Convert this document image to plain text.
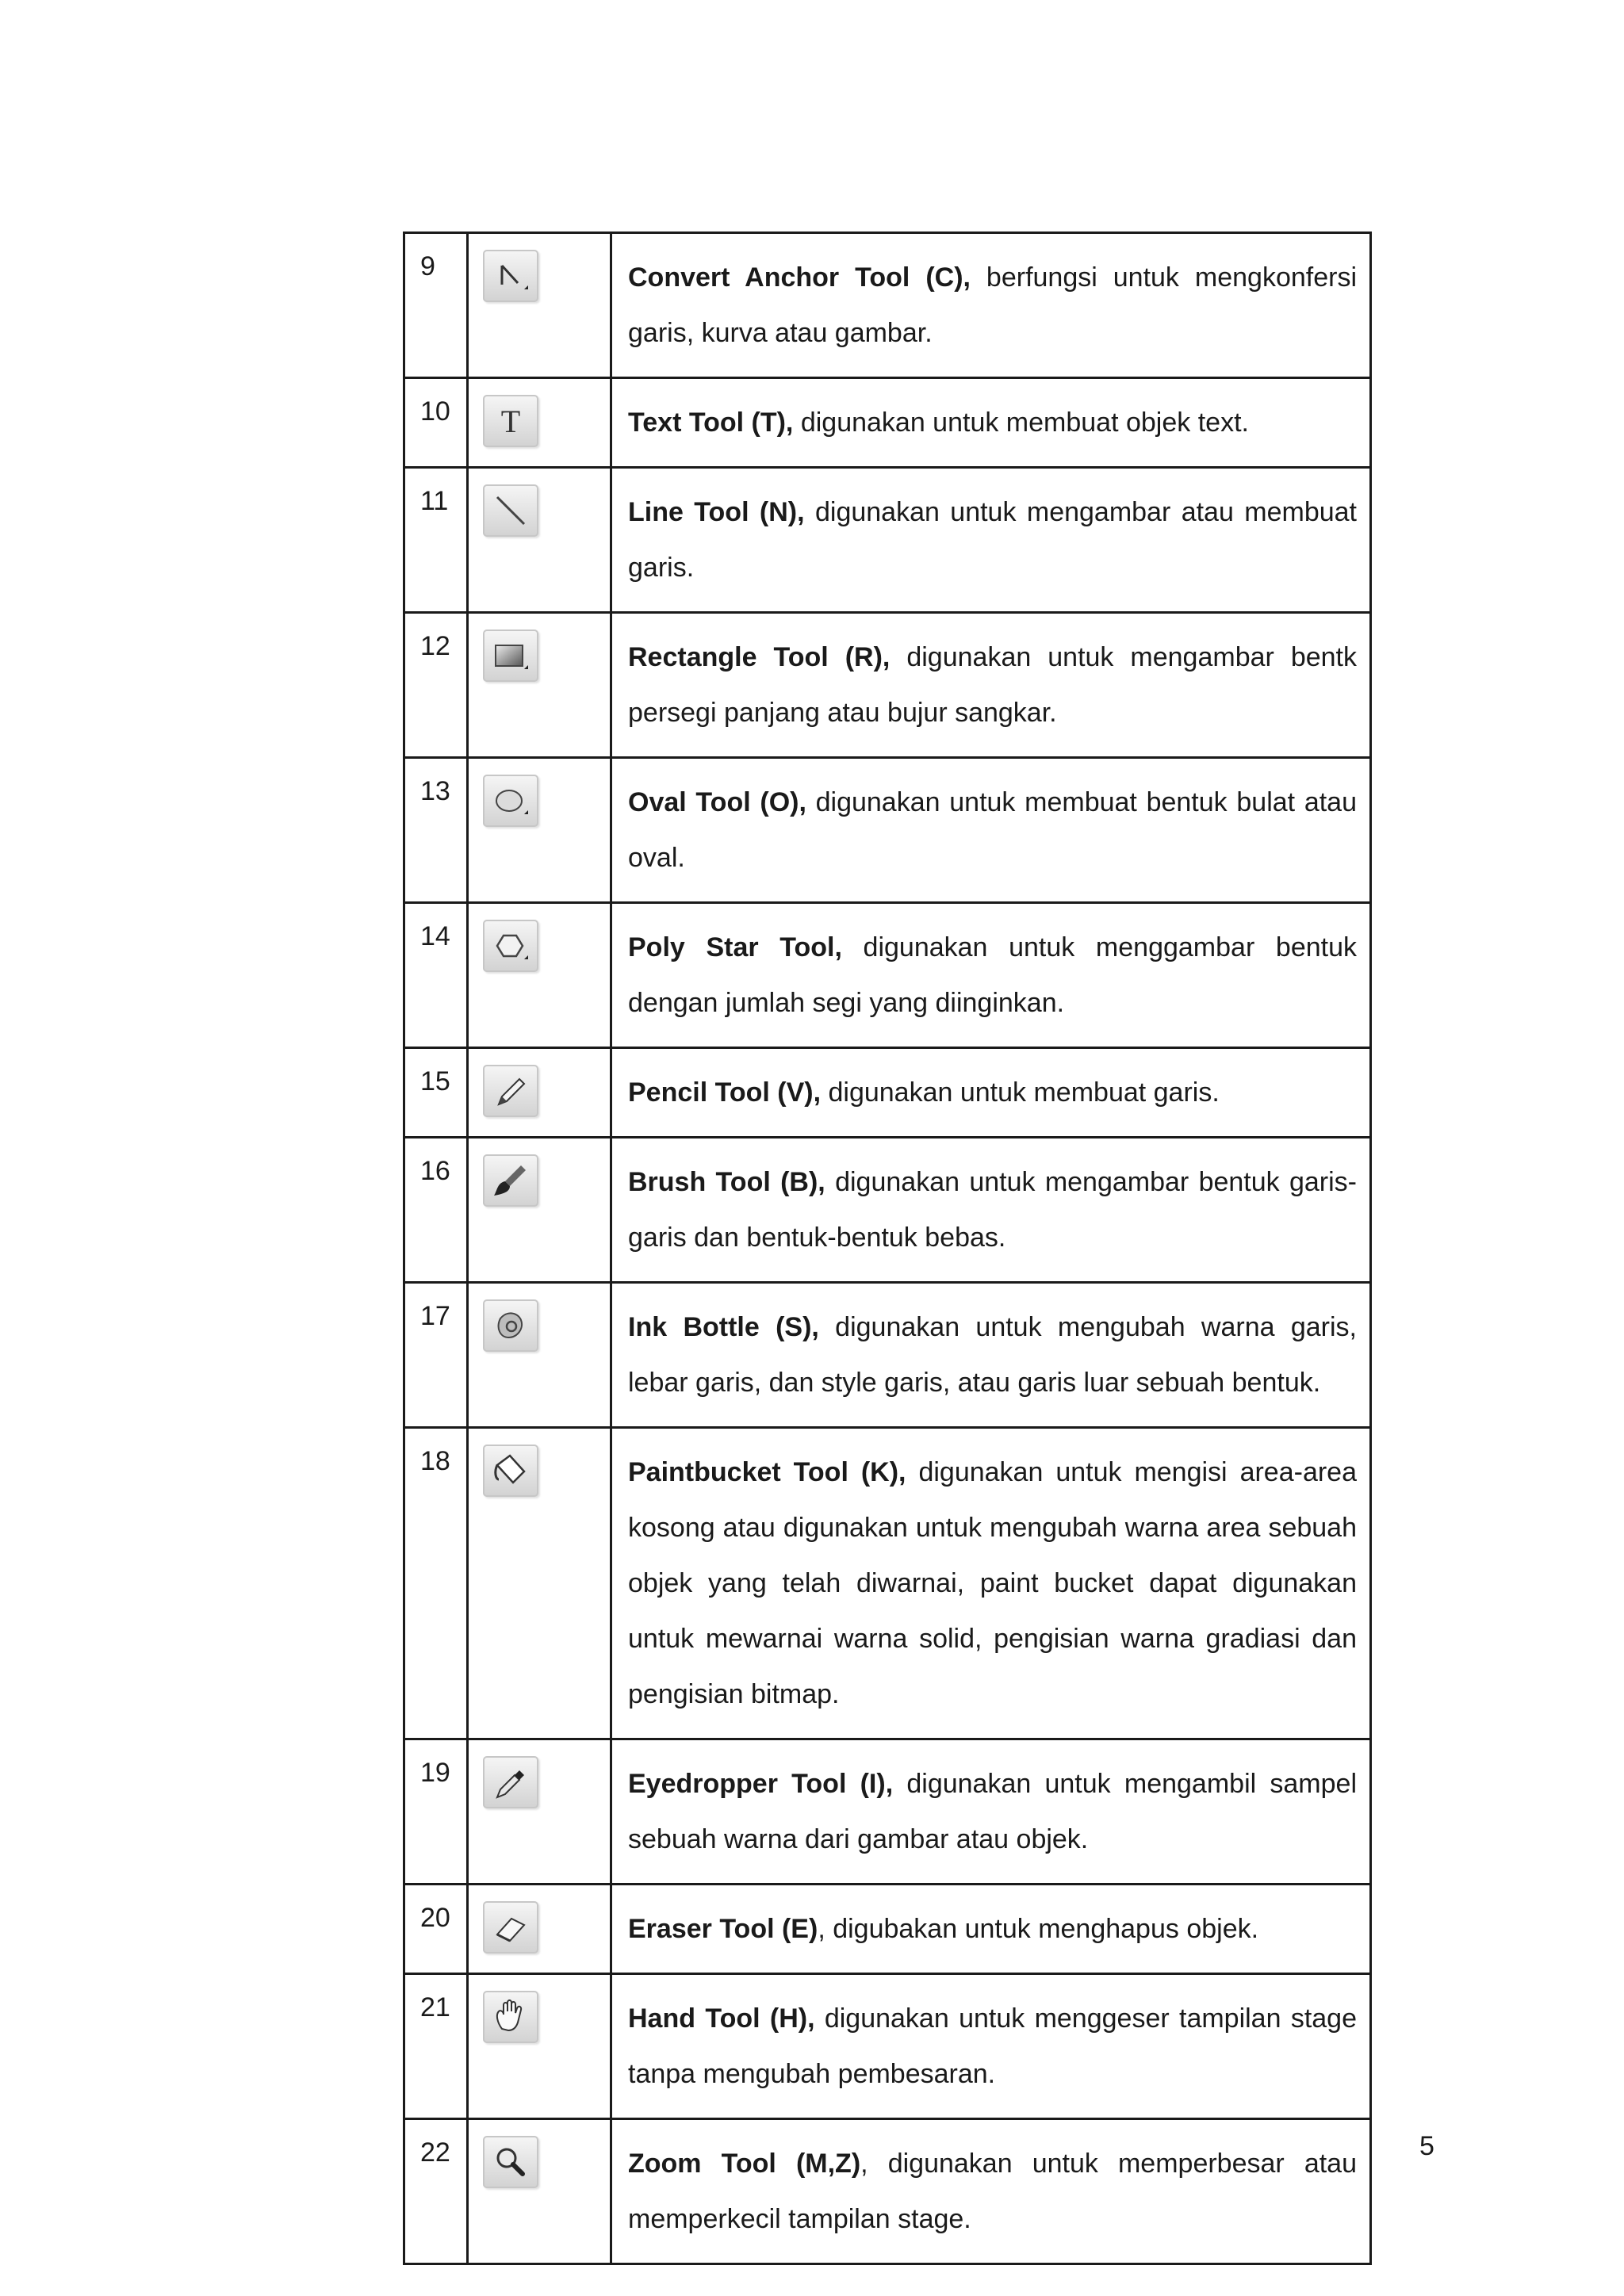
9		Convert Anchor Tool (C), berfungsi untuk mengkonfersi garis, kurva atau gambar.

10	T	Text Tool (T), digunakan untuk membuat objek text.

11		Line Tool (N), digunakan untuk mengambar atau membuat garis.

12		Rectangle Tool (R), digunakan untuk mengambar bentk persegi panjang atau bujur sangkar.

13		Oval Tool (O), digunakan untuk membuat bentuk bulat atau oval.

14		Poly Star Tool, digunakan untuk menggambar bentuk dengan jumlah segi yang diinginkan.

15		Pencil Tool (V), digunakan untuk membuat garis.

16		Brush Tool (B), digunakan untuk mengambar bentuk garis-garis dan bentuk-bentuk bebas.

17		Ink Bottle (S), digunakan untuk mengubah warna garis, lebar garis, dan style garis, atau garis luar sebuah bentuk.

18		Paintbucket Tool (K), digunakan untuk mengisi area-area kosong atau digunakan untuk mengubah warna area sebuah objek yang telah diwarnai, paint bucket dapat digunakan untuk mewarnai warna solid, pengisian warna gradiasi dan pengisian bitmap.

19		Eyedropper Tool (I), digunakan untuk mengambil sampel sebuah warna dari gambar atau objek.

20		Eraser Tool (E), digubakan untuk menghapus objek.

21		Hand Tool (H), digunakan untuk menggeser tampilan stage tanpa mengubah pembesaran.

22		Zoom Tool (M,Z), digunakan untuk memperbesar atau memperkecil tampilan stage.

5
